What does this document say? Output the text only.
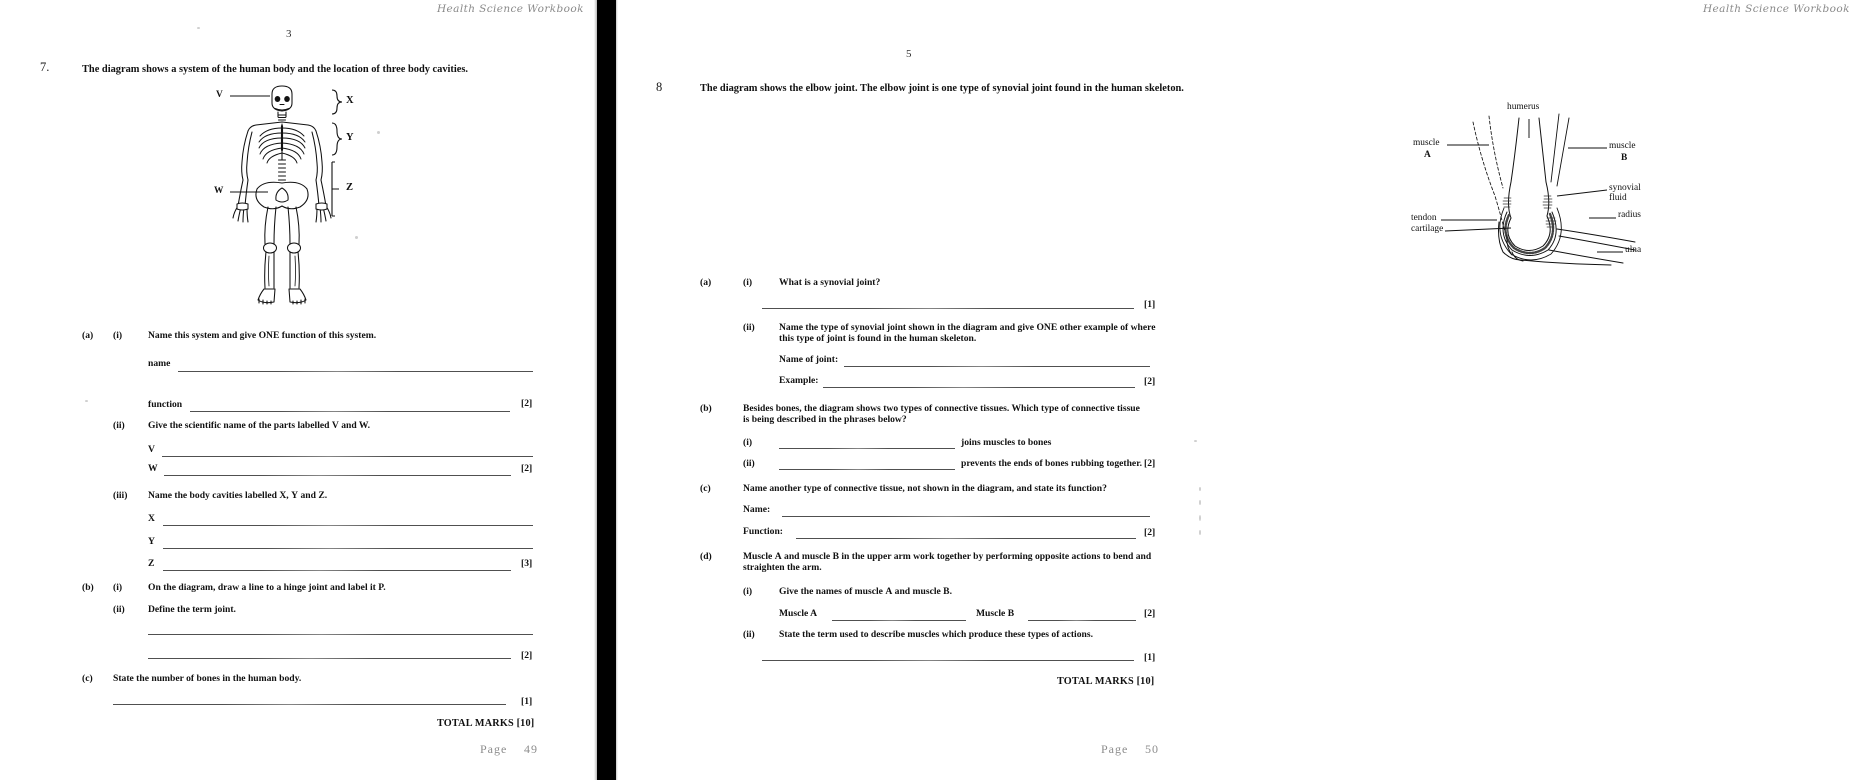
Health Science Workbook
3
7.	The diagram shows a system of the human body and the location of three body cavities.
V
W
X
Y
Z
(a) (i)	Name this system and give ONE function of this system.
name
function	[2]
(ii) Give the scientific name of the parts labelled V and W.
V
W	[2]
(iii) Name the body cavities labelled X, Y and Z.
X
Y
Z	[3]
(b) (i)	On the diagram, draw a line to a hinge joint and label it P.
(ii) Define the term joint.
[2]
(c) State the number of bones in the human body.
[1]
TOTAL MARKS [10]
Page 49
Health Science Workbook
5
8	The diagram shows the elbow joint. The elbow joint is one type of synovial joint found in the human skeleton.
humerus
muscle
A
muscle
B
synovial
fluid
tendon
cartilage
radius
ulna
(a)	(i)	What is a synovial joint?
[1]
(ii)	Name the type of synovial joint shown in the diagram and give ONE other example of where
this type of joint is found in the human skeleton.
Name of joint:
Example:	[2]
(b)	Besides bones, the diagram shows two types of connective tissues. Which type of connective tissue
is being described in the phrases below?
(i)	joins muscles to bones
(ii)	prevents the ends of bones rubbing together. [2]
(c)	Name another type of connective tissue, not shown in the diagram, and state its function?
Name:
Function:	[2]
(d)	Muscle A and muscle B in the upper arm work together by performing opposite actions to bend and
straighten the arm.
(i)	Give the names of muscle A and muscle B.
Muscle A	Muscle B	[2]
(ii)	State the term used to describe muscles which produce these types of actions.
[1]
TOTAL MARKS [10]
Page 50
